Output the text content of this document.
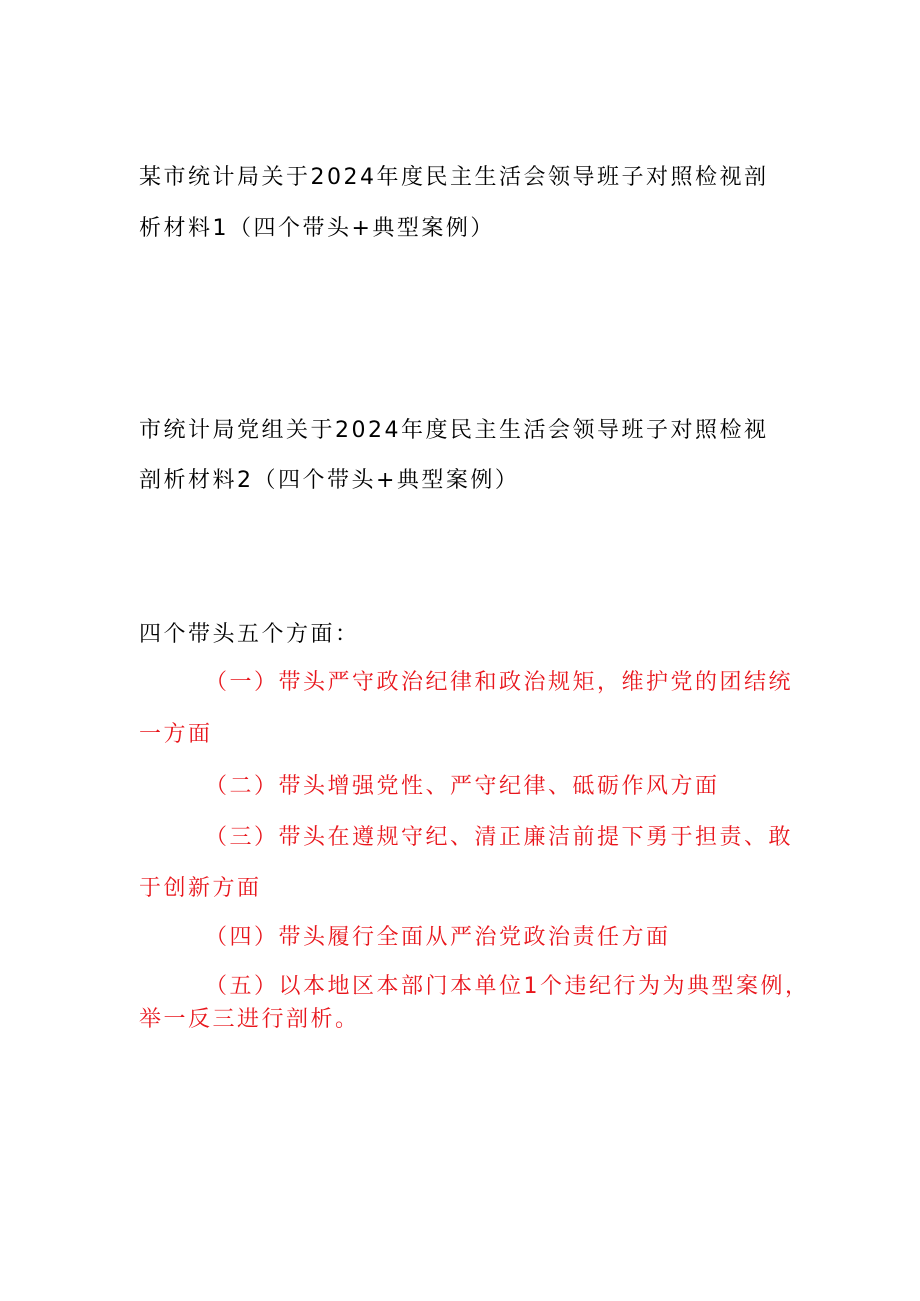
某市统计局关于2024年度民主生活会领导班子对照检视剖
析材料1（四个带头+典型案例）
市统计局党组关于2024年度民主生活会领导班子对照检视
剖析材料2（四个带头+典型案例）
四个带头五个方面：
（一）带头严守政治纪律和政治规矩，维护党的团结统
一方面
（二）带头增强党性、严守纪律、砥砺作风方面
（三）带头在遵规守纪、清正廉洁前提下勇于担责、敢
于创新方面
（四）带头履行全面从严治党政治责任方面
（五）以本地区本部门本单位1个违纪行为为典型案例，
举一反三进行剖析。
